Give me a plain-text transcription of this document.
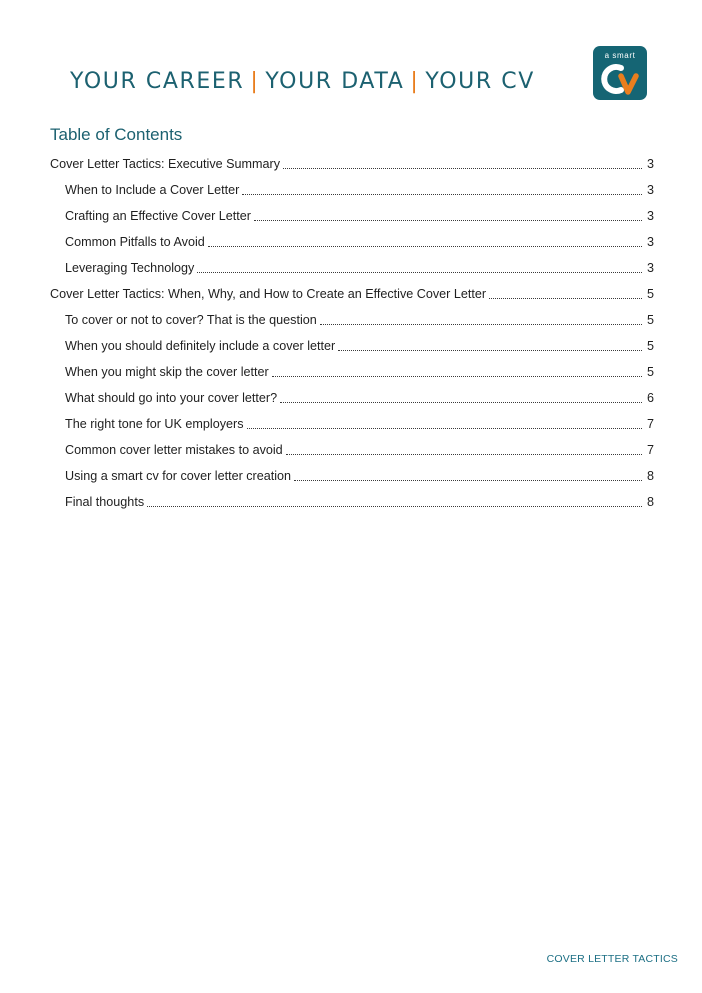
YOUR CAREER | YOUR DATA | YOUR CV
a smart
Table of Contents
Cover Letter Tactics: Executive Summary	3
When to Include a Cover Letter	3
Crafting an Effective Cover Letter	3
Common Pitfalls to Avoid	3
Leveraging Technology	3
Cover Letter Tactics: When, Why, and How to Create an Effective Cover Letter	5
To cover or not to cover? That is the question	5
When you should definitely include a cover letter	5
When you might skip the cover letter	5
What should go into your cover letter?	6
The right tone for UK employers	7
Common cover letter mistakes to avoid	7
Using a smart cv for cover letter creation	8
Final thoughts	8
COVER LETTER TACTICS
